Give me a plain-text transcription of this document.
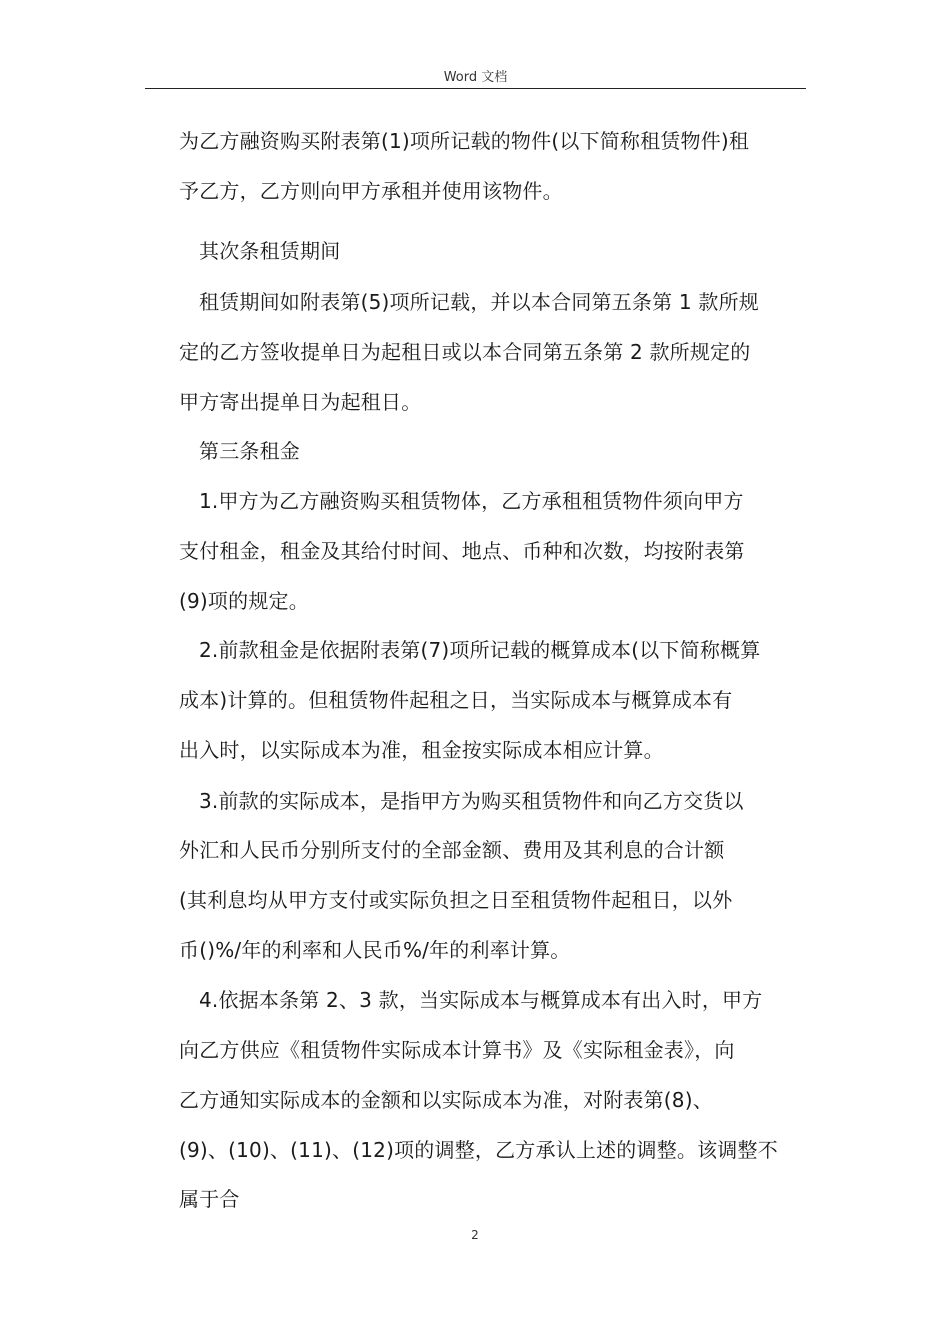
Word 文档
为乙方融资购买附表第(1)项所记载的物件(以下简称租赁物件)租
予乙方，乙方则向甲方承租并使用该物件。
其次条租赁期间
租赁期间如附表第(5)项所记载，并以本合同第五条第 1 款所规
定的乙方签收提单日为起租日或以本合同第五条第 2 款所规定的
甲方寄出提单日为起租日。
第三条租金
1.甲方为乙方融资购买租赁物体，乙方承租租赁物件须向甲方
支付租金，租金及其给付时间、地点、币种和次数，均按附表第
(9)项的规定。
2.前款租金是依据附表第(7)项所记载的概算成本(以下简称概算
成本)计算的。但租赁物件起租之日，当实际成本与概算成本有
出入时，以实际成本为准，租金按实际成本相应计算。
3.前款的实际成本，是指甲方为购买租赁物件和向乙方交货以
外汇和人民币分别所支付的全部金额、费用及其利息的合计额
(其利息均从甲方支付或实际负担之日至租赁物件起租日，以外
币()%/年的利率和人民币%/年的利率计算。
4.依据本条第 2、3 款，当实际成本与概算成本有出入时，甲方
向乙方供应《租赁物件实际成本计算书》及《实际租金表》，向
乙方通知实际成本的金额和以实际成本为准，对附表第(8)、
(9)、(10)、(11)、(12)项的调整，乙方承认上述的调整。该调整不
属于合
2
